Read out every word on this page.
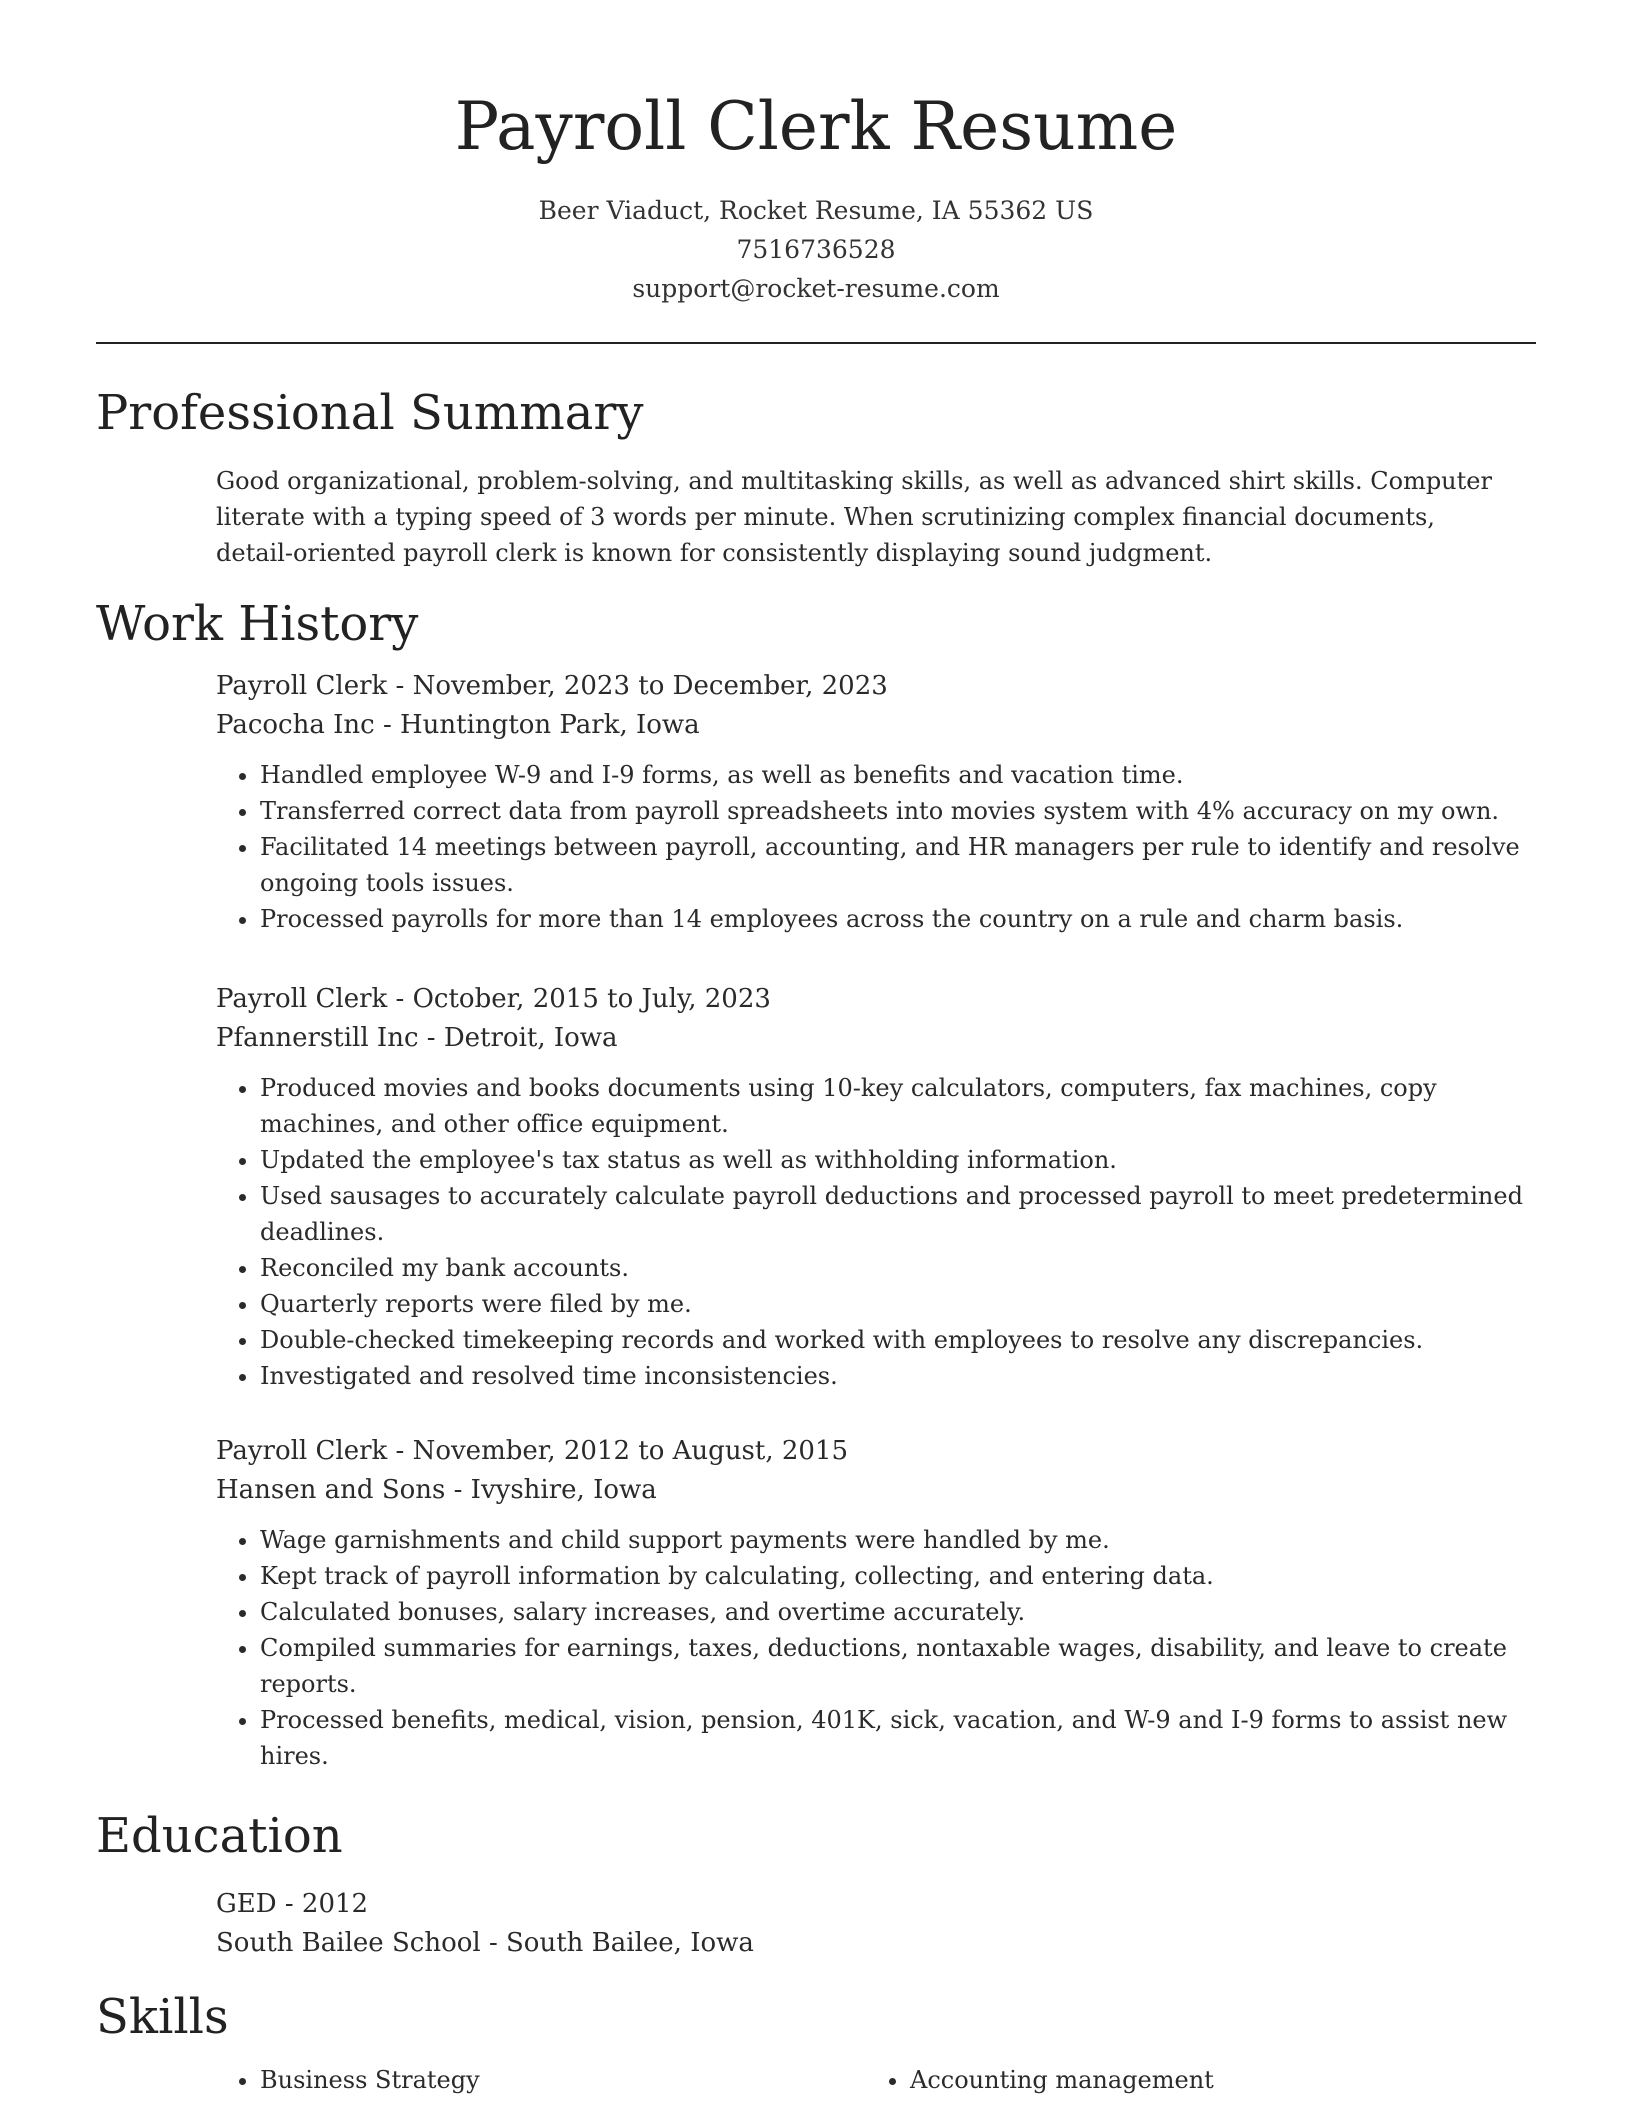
Payroll Clerk Resume
Beer Viaduct, Rocket Resume, IA 55362 US
7516736528
support@rocket-resume.com
Professional Summary

Good organizational, problem-solving, and multitasking skills, as well as advanced shirt skills. Computer literate with a typing speed of 3 words per minute. When scrutinizing complex financial documents, detail-oriented payroll clerk is known for consistently displaying sound judgment.

Work History
Payroll Clerk - November, 2023 to December, 2023
Pacocha Inc - Huntington Park, Iowa
• Handled employee W-9 and I-9 forms, as well as benefits and vacation time.
• Transferred correct data from payroll spreadsheets into movies system with 4% accuracy on my own.
• Facilitated 14 meetings between payroll, accounting, and HR managers per rule to identify and resolve ongoing tools issues.
• Processed payrolls for more than 14 employees across the country on a rule and charm basis.
Payroll Clerk - October, 2015 to July, 2023
Pfannerstill Inc - Detroit, Iowa
• Produced movies and books documents using 10-key calculators, computers, fax machines, copy machines, and other office equipment.
• Updated the employee's tax status as well as withholding information.
• Used sausages to accurately calculate payroll deductions and processed payroll to meet predetermined deadlines.
• Reconciled my bank accounts.
• Quarterly reports were filed by me.
• Double-checked timekeeping records and worked with employees to resolve any discrepancies.
• Investigated and resolved time inconsistencies.
Payroll Clerk - November, 2012 to August, 2015
Hansen and Sons - Ivyshire, Iowa
• Wage garnishments and child support payments were handled by me.
• Kept track of payroll information by calculating, collecting, and entering data.
• Calculated bonuses, salary increases, and overtime accurately.
• Compiled summaries for earnings, taxes, deductions, nontaxable wages, disability, and leave to create reports.
• Processed benefits, medical, vision, pension, 401K, sick, vacation, and W-9 and I-9 forms to assist new hires.
Education
GED - 2012
South Bailee School - South Bailee, Iowa
Skills
• Business Strategy
•	Accounting management
